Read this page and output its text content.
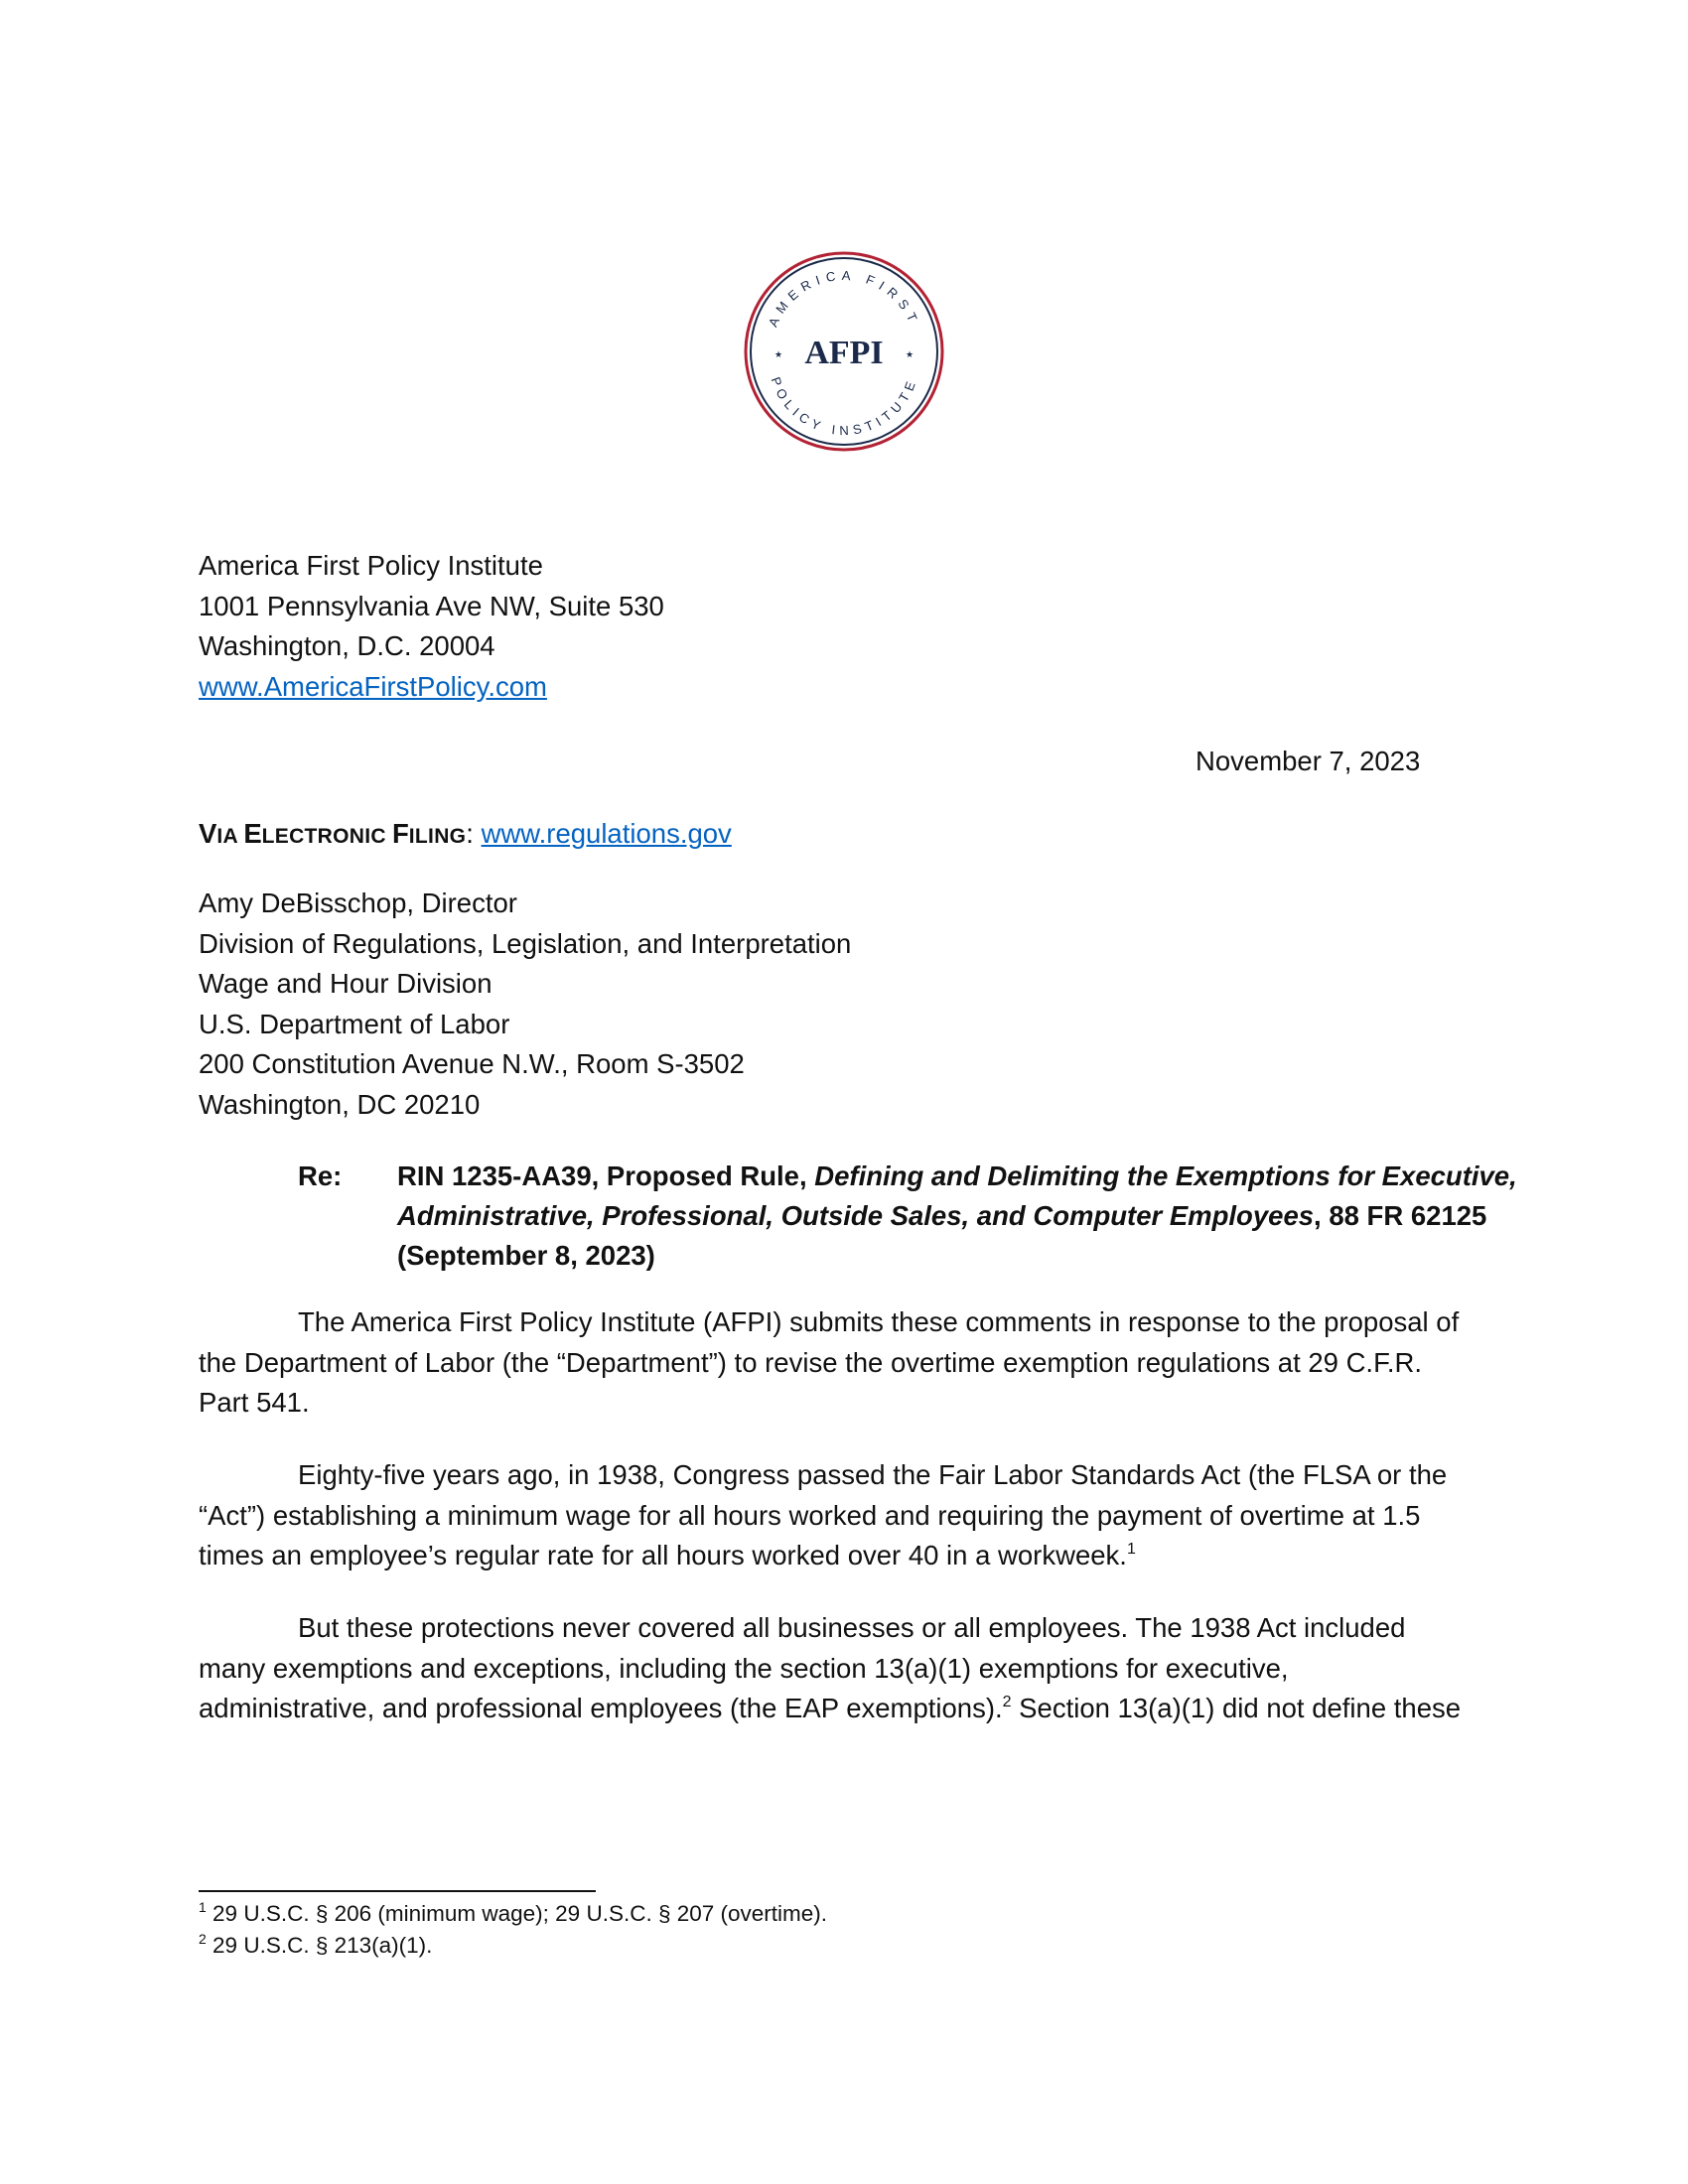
AMERICA FIRST
POLICY INSTITUTE
AFPI
★	★
America First Policy Institute
1001 Pennsylvania Ave NW, Suite 530
Washington, D.C. 20004
www.AmericaFirstPolicy.com
November 7, 2023
VIA ELECTRONIC FILING: www.regulations.gov
Amy DeBisschop, Director
Division of Regulations, Legislation, and Interpretation
Wage and Hour Division
U.S. Department of Labor
200 Constitution Avenue N.W., Room S-3502
Washington, DC 20210
Re: RIN 1235-AA39, Proposed Rule, Defining and Delimiting the Exemptions for Executive,
Administrative, Professional, Outside Sales, and Computer Employees, 88 FR 62125
(September 8, 2023)
The America First Policy Institute (AFPI) submits these comments in response to the proposal of
the Department of Labor (the “Department”) to revise the overtime exemption regulations at 29 C.F.R.
Part 541.
Eighty-five years ago, in 1938, Congress passed the Fair Labor Standards Act (the FLSA or the
“Act”) establishing a minimum wage for all hours worked and requiring the payment of overtime at 1.5
times an employee’s regular rate for all hours worked over 40 in a workweek.$^1$
But these protections never covered all businesses or all employees. The 1938 Act included
many exemptions and exceptions, including the section 13(a)(1) exemptions for executive,
administrative, and professional employees (the EAP exemptions).$^2$ Section 13(a)(1) did not define these
$^1$ 29 U.S.C. § 206 (minimum wage); 29 U.S.C. § 207 (overtime).
$^2$ 29 U.S.C. § 213(a)(1).
